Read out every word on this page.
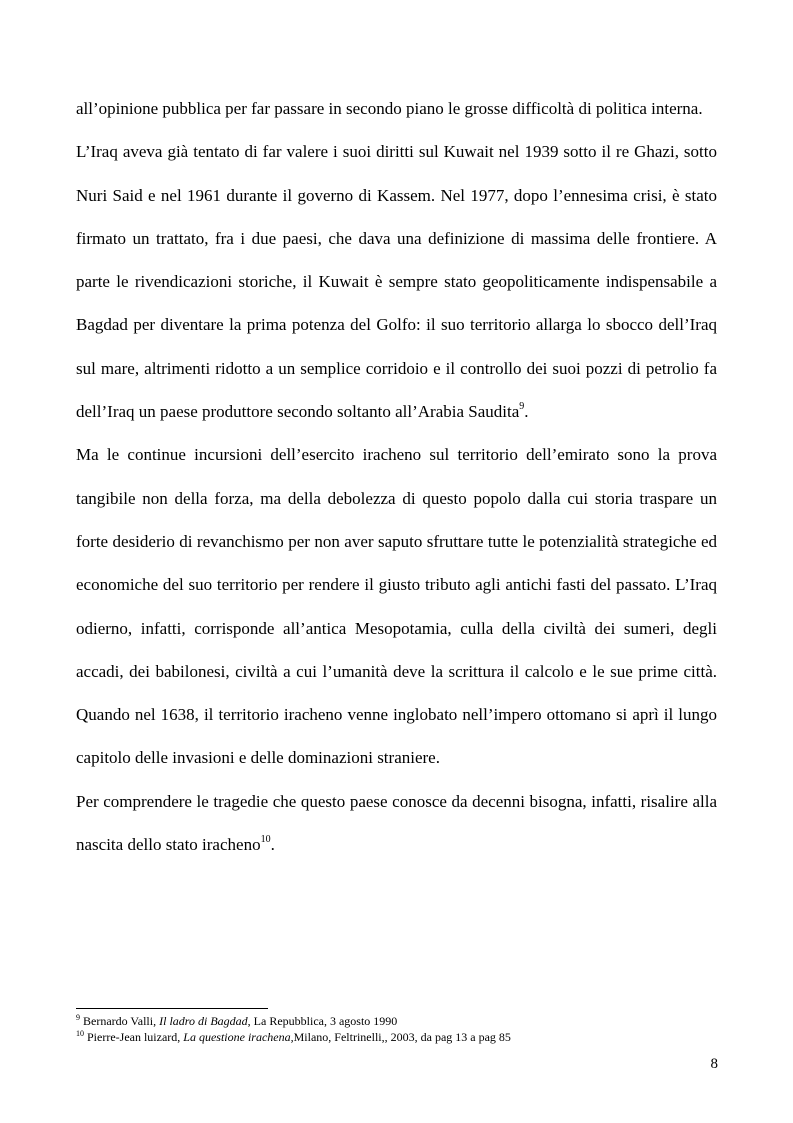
all’opinione pubblica per far passare in secondo piano le grosse difficoltà di politica interna.

L’Iraq aveva già tentato di far valere i suoi diritti sul Kuwait nel 1939 sotto il re Ghazi, sotto Nuri Said e nel 1961 durante il governo di Kassem. Nel 1977, dopo l’ennesima crisi, è stato firmato un trattato, fra i due paesi, che dava una definizione di massima delle frontiere. A parte le rivendicazioni storiche, il Kuwait è sempre stato geopoliticamente indispensabile a Bagdad per diventare la prima potenza del Golfo: il suo territorio allarga lo sbocco dell’Iraq sul mare, altrimenti ridotto a un semplice corridoio e il controllo dei suoi pozzi di petrolio fa dell’Iraq un paese produttore secondo soltanto all’Arabia Saudita$^9$.

Ma le continue incursioni dell’esercito iracheno sul territorio dell’emirato sono la prova tangibile non della forza, ma della debolezza di questo popolo dalla cui storia traspare un forte desiderio di revanchismo per non aver saputo sfruttare tutte le potenzialità strategiche ed economiche del suo territorio per rendere il giusto tributo agli antichi fasti del passato. L’Iraq odierno, infatti, corrisponde all’antica Mesopotamia, culla della civiltà dei sumeri, degli accadi, dei babilonesi, civiltà a cui l’umanità deve la scrittura il calcolo e le sue prime città. Quando nel 1638, il territorio iracheno venne inglobato nell’impero ottomano si aprì il lungo capitolo delle invasioni e delle dominazioni straniere.

Per comprendere le tragedie che questo paese conosce da decenni bisogna, infatti, risalire alla nascita dello stato iracheno$^{10}$.

$^9$ Bernardo Valli, Il ladro di Bagdad, La Repubblica, 3 agosto 1990
$^{10}$ Pierre-Jean luizard, La questione irachena,Milano, Feltrinelli,, 2003, da pag 13 a pag 85
8
